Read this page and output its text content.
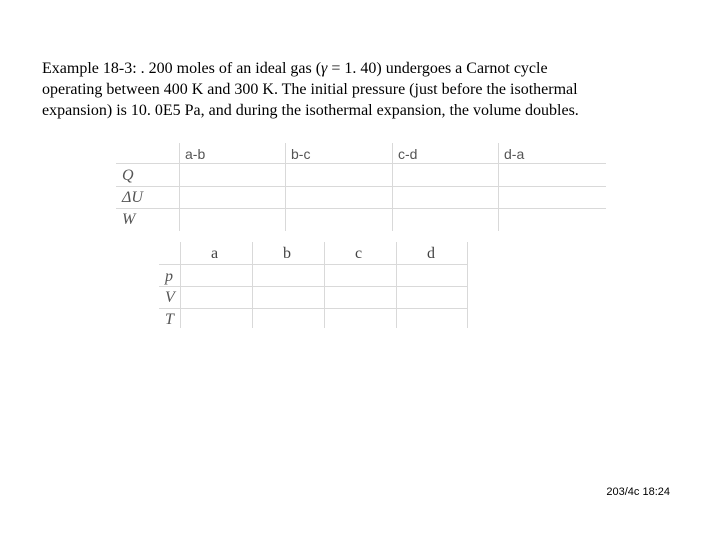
Example 18-3: . 200 moles of an ideal gas (γ = 1. 40) undergoes a Carnot cycle
operating between 400 K and 300 K. The initial pressure (just before the isothermal
expansion) is 10. 0E5 Pa, and during the isothermal expansion, the volume doubles.
a-b	b-c	c-d	d-a
Q
ΔU
W
a	b	c	d
p
V
T
203/4c 18:24
